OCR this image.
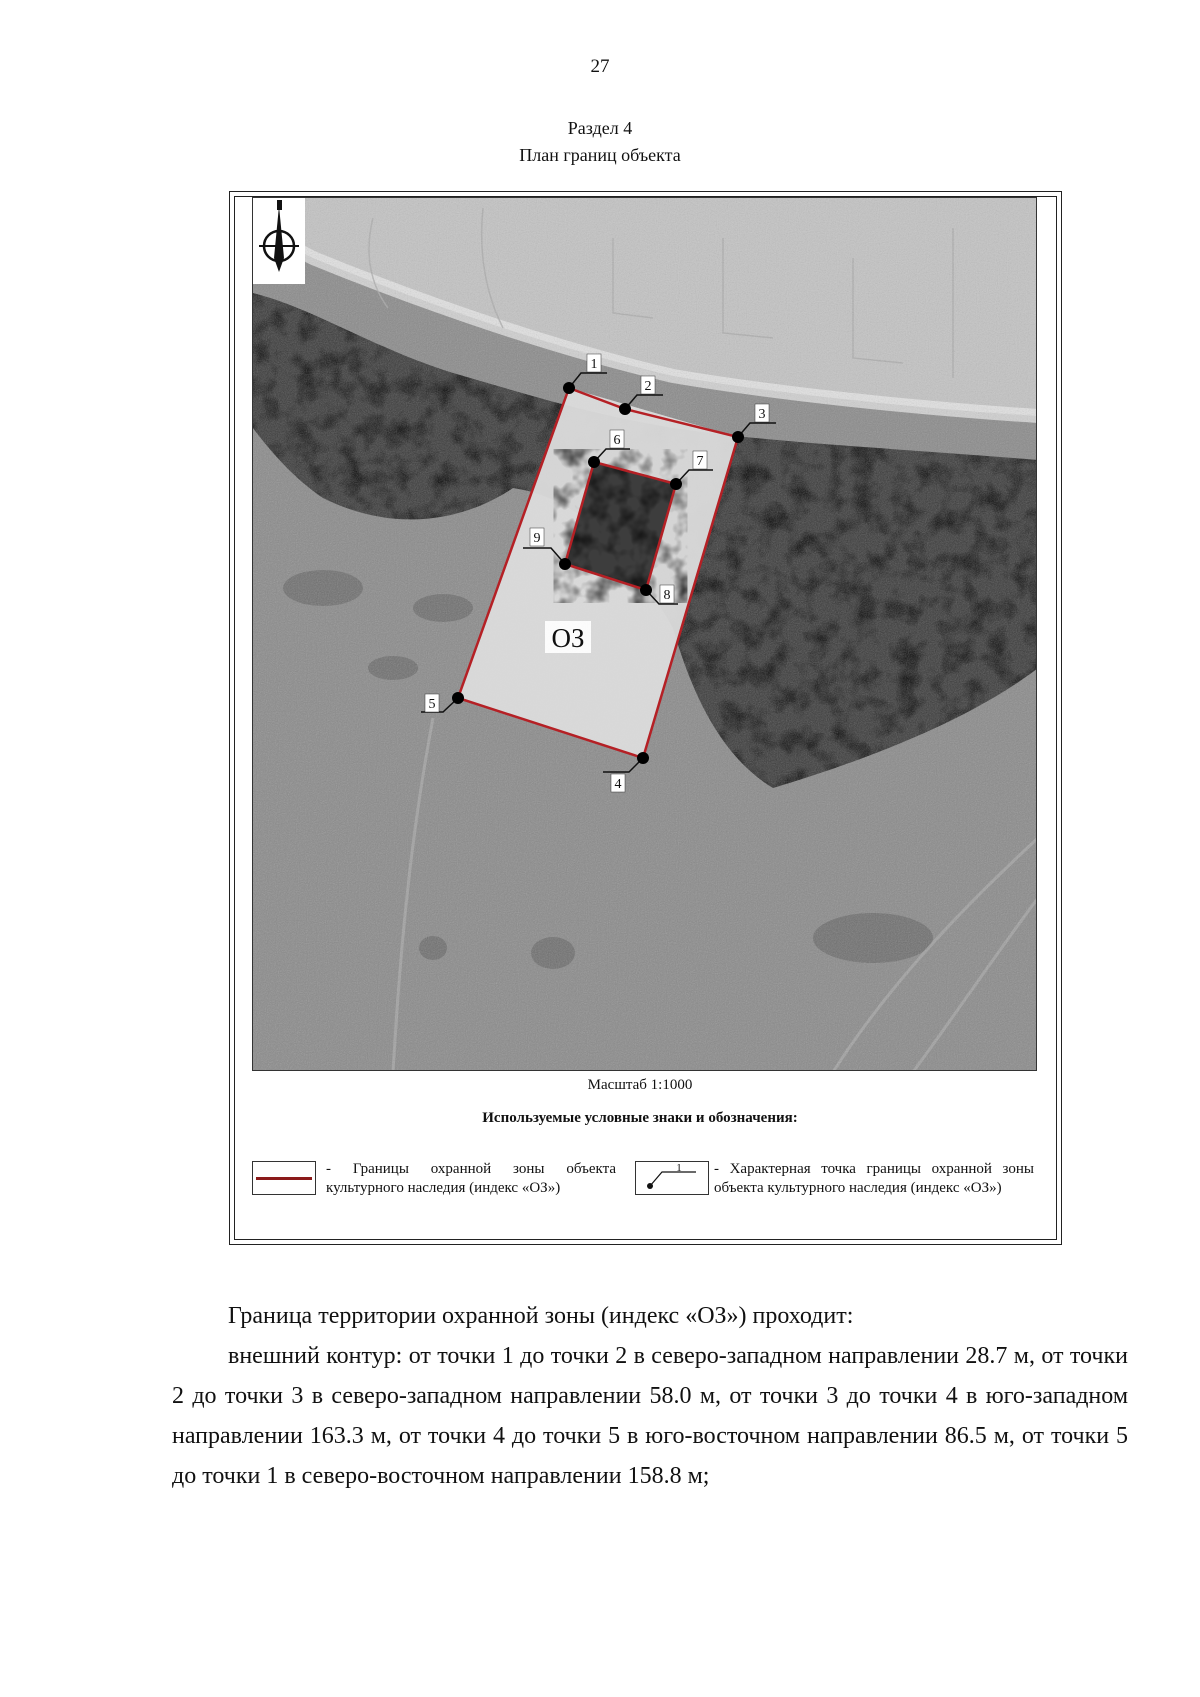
27
Раздел 4
План границ объекта
1
2
3
4
5
6
7
8
9
ОЗ
Масштаб 1:1000
Используемые условные знаки и обозначения:
- Границы охранной зоны объекта культурного наследия (индекс «ОЗ»)
1 - Характерная точка границы охранной зоны объекта культурного наследия (индекс «ОЗ»)

Граница территории охранной зоны (индекс «ОЗ») проходит:

внешний контур: от точки 1 до точки 2 в северо-западном направлении 28.7 м, от точки 2 до точки 3 в северо-западном направлении 58.0 м, от точки 3 до точки 4 в юго-западном направлении 163.3 м, от точки 4 до точки 5 в юго-восточном направлении 86.5 м, от точки 5 до точки 1 в северо-восточном направлении 158.8 м;
